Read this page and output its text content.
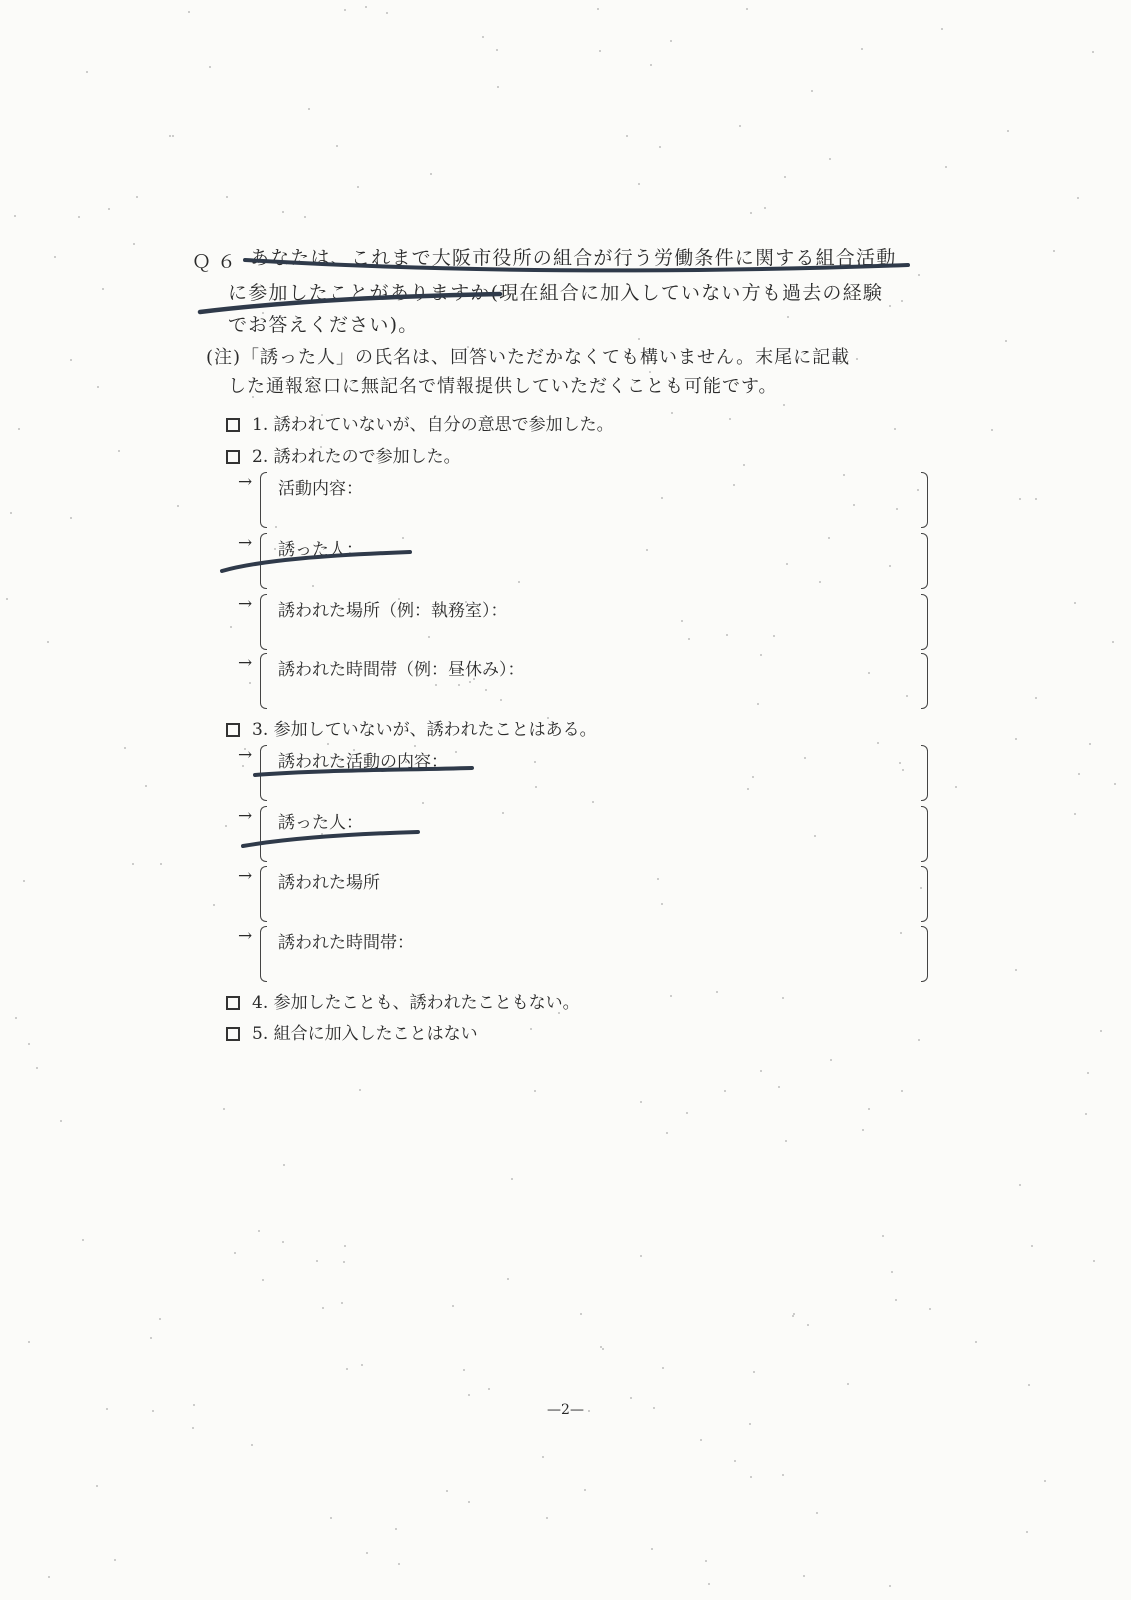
Ｑ６ あなたは、これまで大阪市役所の組合が行う労働条件に関する組合活動
に参加したことがありますか(現在組合に加入していない方も過去の経験
でお答えください)。
(注)「誘った人」の氏名は、回答いただかなくても構いません。末尾に記載
した通報窓口に無記名で情報提供していただくことも可能です。
1. 誘われていないが、自分の意思で参加した。
2. 誘われたので参加した。
→ 活動内容：
→ 誘った人：
→ 誘われた場所（例：執務室）：
→ 誘われた時間帯（例：昼休み）：
3. 参加していないが、誘われたことはある。
→ 誘われた活動の内容：
→ 誘った人：
→ 誘われた場所
→ 誘われた時間帯：
4. 参加したことも、誘われたこともない。
5. 組合に加入したことはない
—2—
